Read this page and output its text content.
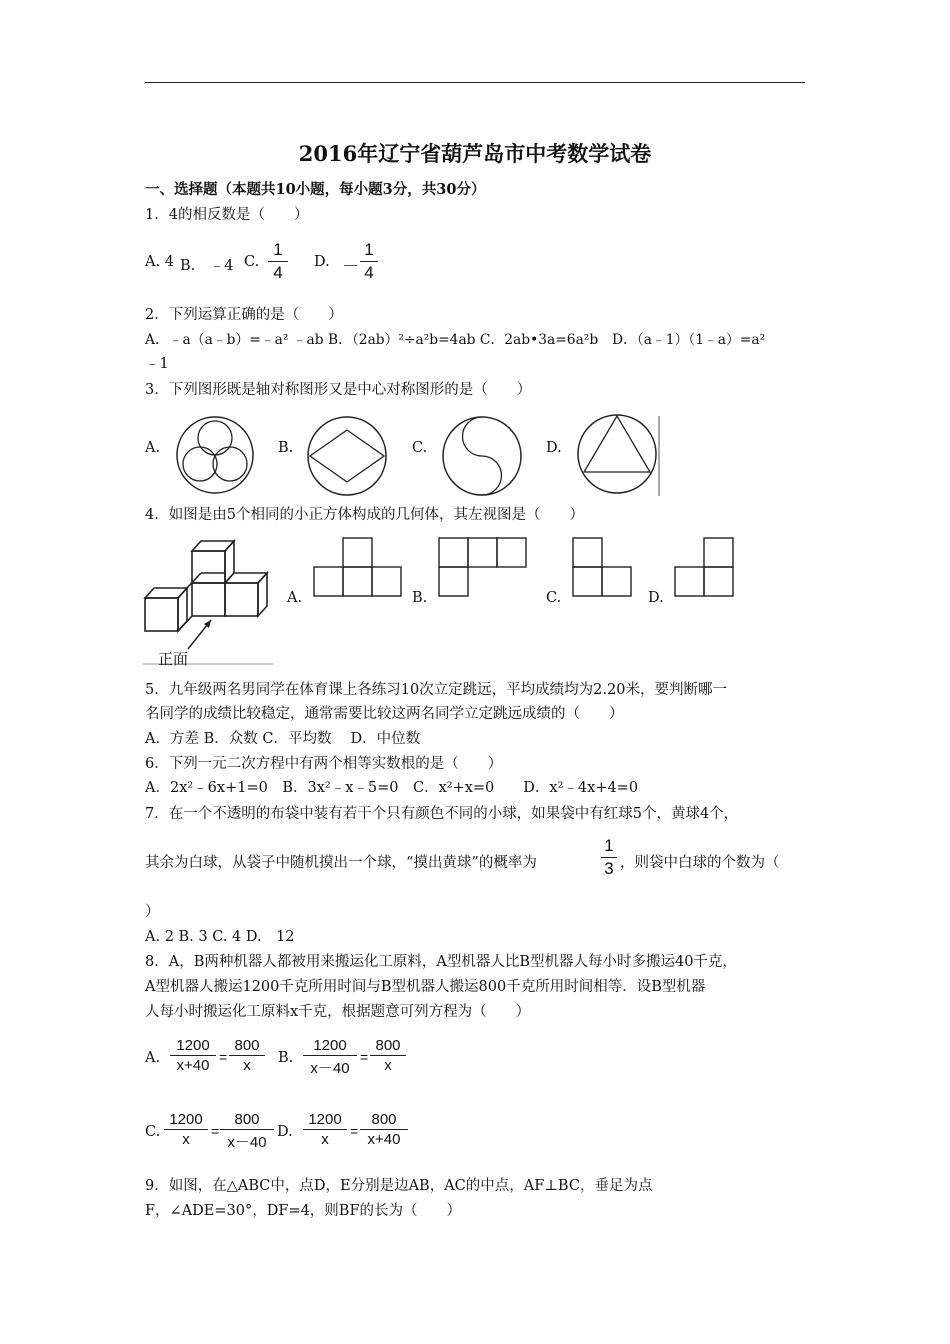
2016年辽宁省葫芦岛市中考数学试卷
一、选择题（本题共10小题，每小题3分，共30分）
1．4的相反数是（　　）
A. 4 B.　﹣4 C.
1
4
D. －
1
4
2．下列运算正确的是（　　）
A．﹣a（a﹣b）=﹣a² ﹣ab B．（2ab）²÷a²b=4ab C．2ab•3a=6a²b　D．（a﹣1）（1﹣a）=a²
﹣1
3．下列图形既是轴对称图形又是中心对称图形的是（　　）
A.	B.	C.	D.
4．如图是由5个相同的小正方体构成的几何体，其左视图是（　　）
正面
A.	B.	C.	D.
5．九年级两名男同学在体育课上各练习10次立定跳远，平均成绩均为2.20米，要判断哪一
名同学的成绩比较稳定，通常需要比较这两名同学立定跳远成绩的（　　）
A．方差 B．众数 C．平均数　 D．中位数
6．下列一元二次方程中有两个相等实数根的是（　　）
A．2x²﹣6x+1=0　B．3x²﹣x﹣5=0　C．x²+x=0　　D．x²﹣4x+4=0
7．在一个不透明的布袋中装有若干个只有颜色不同的小球，如果袋中有红球5个，黄球4个，
其余为白球，从袋子中随机摸出一个球，“摸出黄球”的概率为
1
3 ，则袋中白球的个数为（
）
A. 2 B. 3 C. 4 D.　12
8．A，B两种机器人都被用来搬运化工原料，A型机器人比B型机器人每小时多搬运40千克，
A型机器人搬运1200千克所用时间与B型机器人搬运800千克所用时间相等．设B型机器
人每小时搬运化工原料x千克，根据题意可列方程为（　　）
A.
1200
x+40 =
800
x	B.
1200
x－40
=
800
x
C.
1200
x	=
800
x－40
D.
1200
x	=
800
x+40
9．如图，在△ABC中，点D，E分别是边AB，AC的中点，AF⊥BC，垂足为点
F，∠ADE=30°，DF=4，则BF的长为（　　）
